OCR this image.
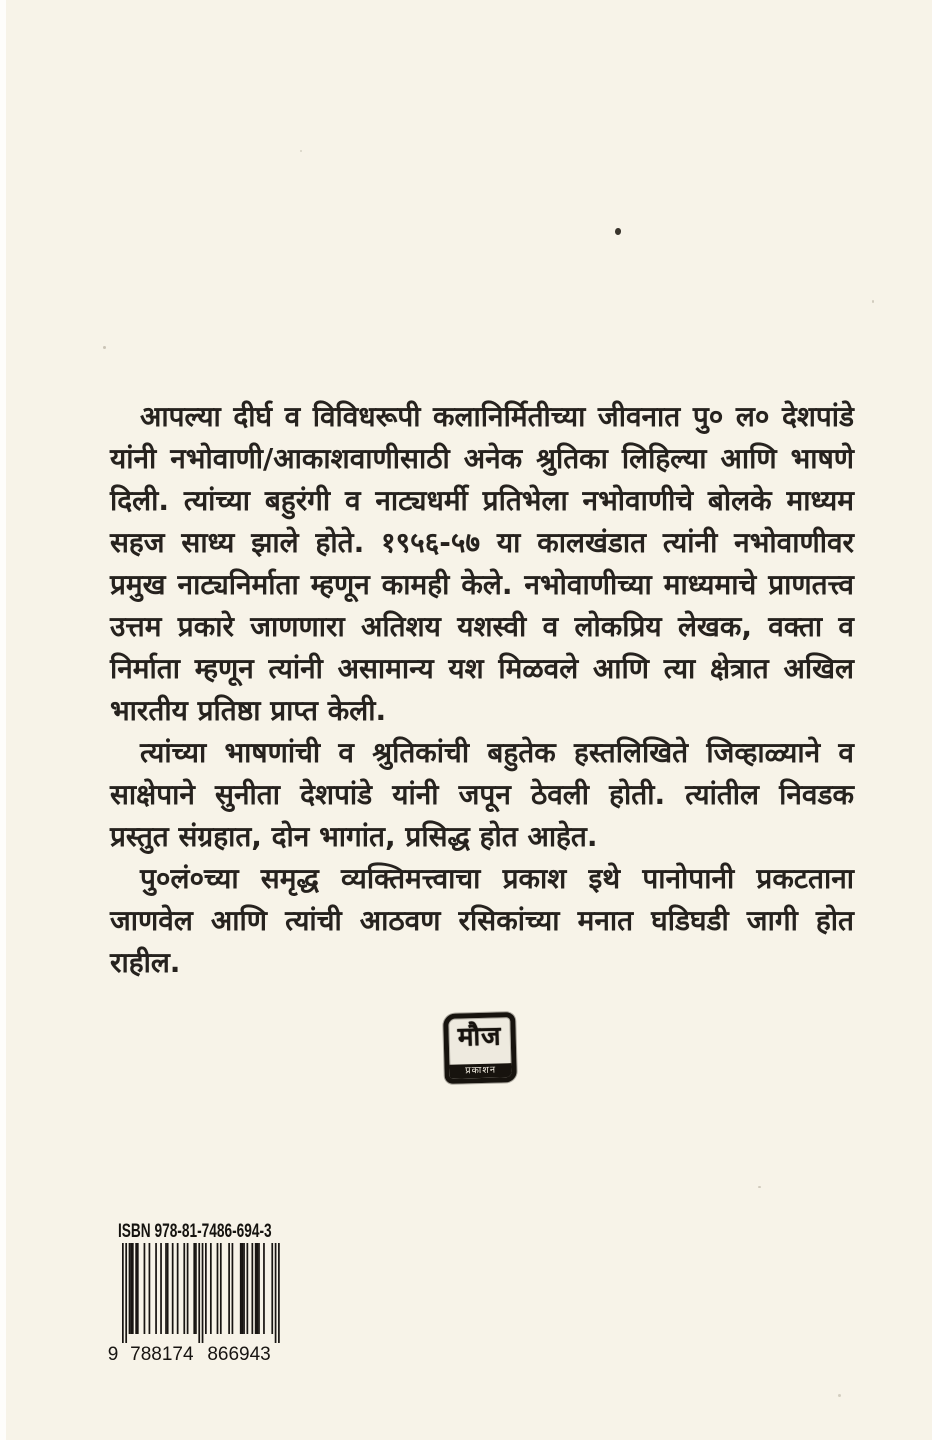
आपल्या दीर्घ व विविधरूपी कलानिर्मितीच्या जीवनात पु० ल० देशपांडे
यांनी नभोवाणी/आकाशवाणीसाठी अनेक श्रुतिका लिहिल्या आणि भाषणे
दिली. त्यांच्या बहुरंगी व नाट्यधर्मी प्रतिभेला नभोवाणीचे बोलके माध्यम
सहज साध्य झाले होते. १९५६-५७ या कालखंडात त्यांनी नभोवाणीवर
प्रमुख नाट्यनिर्माता म्हणून कामही केले. नभोवाणीच्या माध्यमाचे प्राणतत्त्व
उत्तम प्रकारे जाणणारा अतिशय यशस्वी व लोकप्रिय लेखक, वक्ता व
निर्माता म्हणून त्यांनी असामान्य यश मिळवले आणि त्या क्षेत्रात अखिल
भारतीय प्रतिष्ठा प्राप्त केली.
त्यांच्या भाषणांची व श्रुतिकांची बहुतेक हस्तलिखिते जिव्हाळ्याने व
साक्षेपाने सुनीता देशपांडे यांनी जपून ठेवली होती. त्यांतील निवडक
प्रस्तुत संग्रहात, दोन भागांत, प्रसिद्ध होत आहेत.
पु०लं०च्या समृद्ध व्यक्तिमत्त्वाचा प्रकाश इथे पानोपानी प्रकटताना
जाणवेल आणि त्यांची आठवण रसिकांच्या मनात घडिघडी जागी होत
राहील.
मौज
प्रकाशन
ISBN 978-81-7486-694-3
9 788174 866943
